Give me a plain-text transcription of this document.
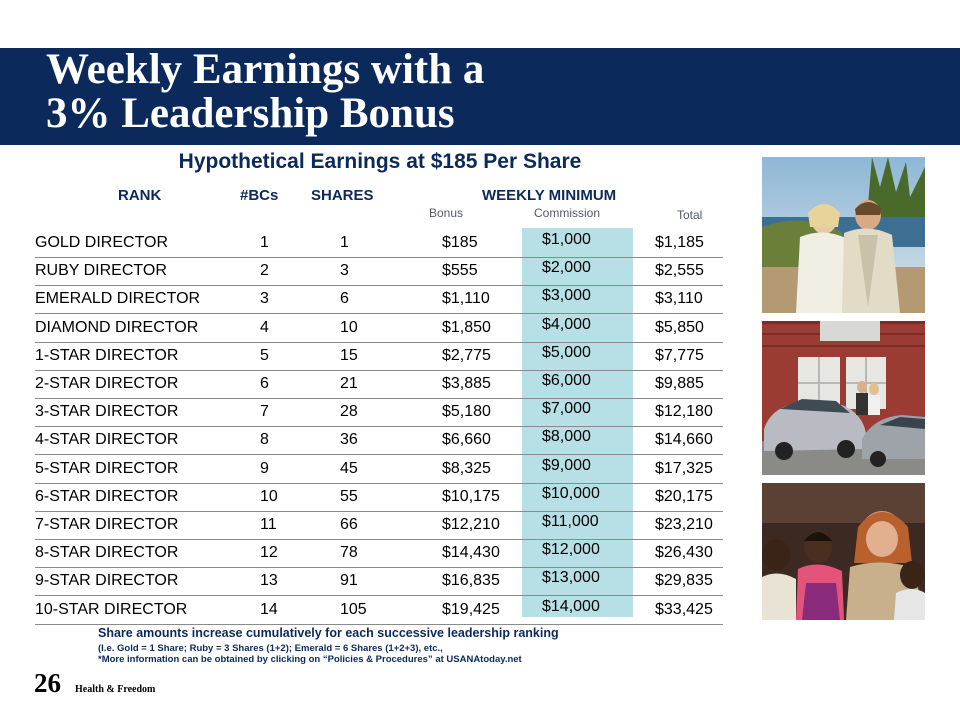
Weekly Earnings with a
3% Leadership Bonus
Hypothetical Earnings at $185 Per Share
RANK	#BCs SHARES	WEEKLY MINIMUM
Bonus	Commission	Total
GOLD DIRECTOR	1	1	$185	$1,000	$1,185
RUBY DIRECTOR	2	3	$555	$2,000	$2,555
EMERALD DIRECTOR	3	6	$1,110	$3,000	$3,110
DIAMOND DIRECTOR	4	10	$1,850	$4,000	$5,850
1-STAR DIRECTOR	5	15	$2,775	$5,000	$7,775
2-STAR DIRECTOR	6	21	$3,885	$6,000	$9,885
3-STAR DIRECTOR	7	28	$5,180	$7,000	$12,180
4-STAR DIRECTOR	8	36	$6,660	$8,000	$14,660
5-STAR DIRECTOR	9	45	$8,325	$9,000	$17,325
6-STAR DIRECTOR	10	55	$10,175	$10,000	$20,175
7-STAR DIRECTOR	11	66	$12,210	$11,000	$23,210
8-STAR DIRECTOR	12	78	$14,430	$12,000	$26,430
9-STAR DIRECTOR	13	91	$16,835	$13,000	$29,835
10-STAR DIRECTOR	14	105	$19,425	$14,000	$33,425
Share amounts increase cumulatively for each successive leadership ranking
(I.e. Gold = 1 Share; Ruby = 3 Shares (1+2); Emerald = 6 Shares (1+2+3), etc.,
*More information can be obtained by clicking on “Policies & Procedures” at USANAtoday.net
26 Health & Freedom
